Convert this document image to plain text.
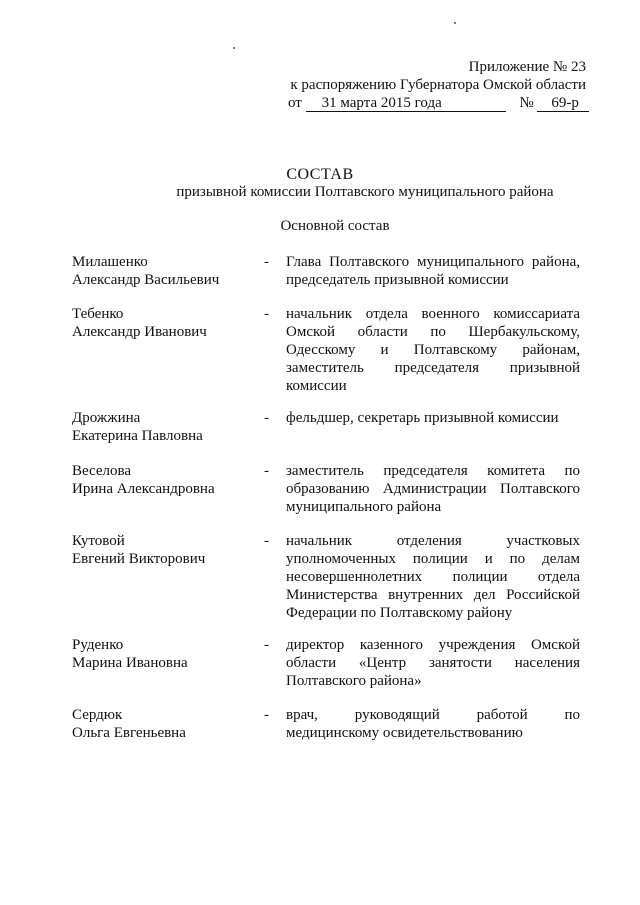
Приложение № 23
к распоряжению Губернатора Омской области
от 31 марта 2015 года	№ 69-р
СОСТАВ
призывной комиссии Полтавского муниципального района
Основной состав
Милашенко
Александр Васильевич
- Глава Полтавского муниципального района,
председатель призывной комиссии
Тебенко
Александр Иванович
- начальник отдела военного комиссариата
Омской области по Шербакульскому,
Одесскому и Полтавскому районам,
заместитель председателя призывной
комиссии
Дрожжина
Екатерина Павловна
- фельдшер, секретарь призывной комиссии
Веселова
Ирина Александровна
- заместитель председателя комитета по
образованию Администрации Полтавского
муниципального района
Кутовой
Евгений Викторович
- начальник отделения участковых
уполномоченных полиции и по делам
несовершеннолетних полиции отдела
Министерства внутренних дел Российской
Федерации по Полтавскому району
Руденко
Марина Ивановна
- директор казенного учреждения Омской
области «Центр занятости населения
Полтавского района»
Сердюк
Ольга Евгеньевна
- врач, руководящий работой по
медицинскому освидетельствованию
